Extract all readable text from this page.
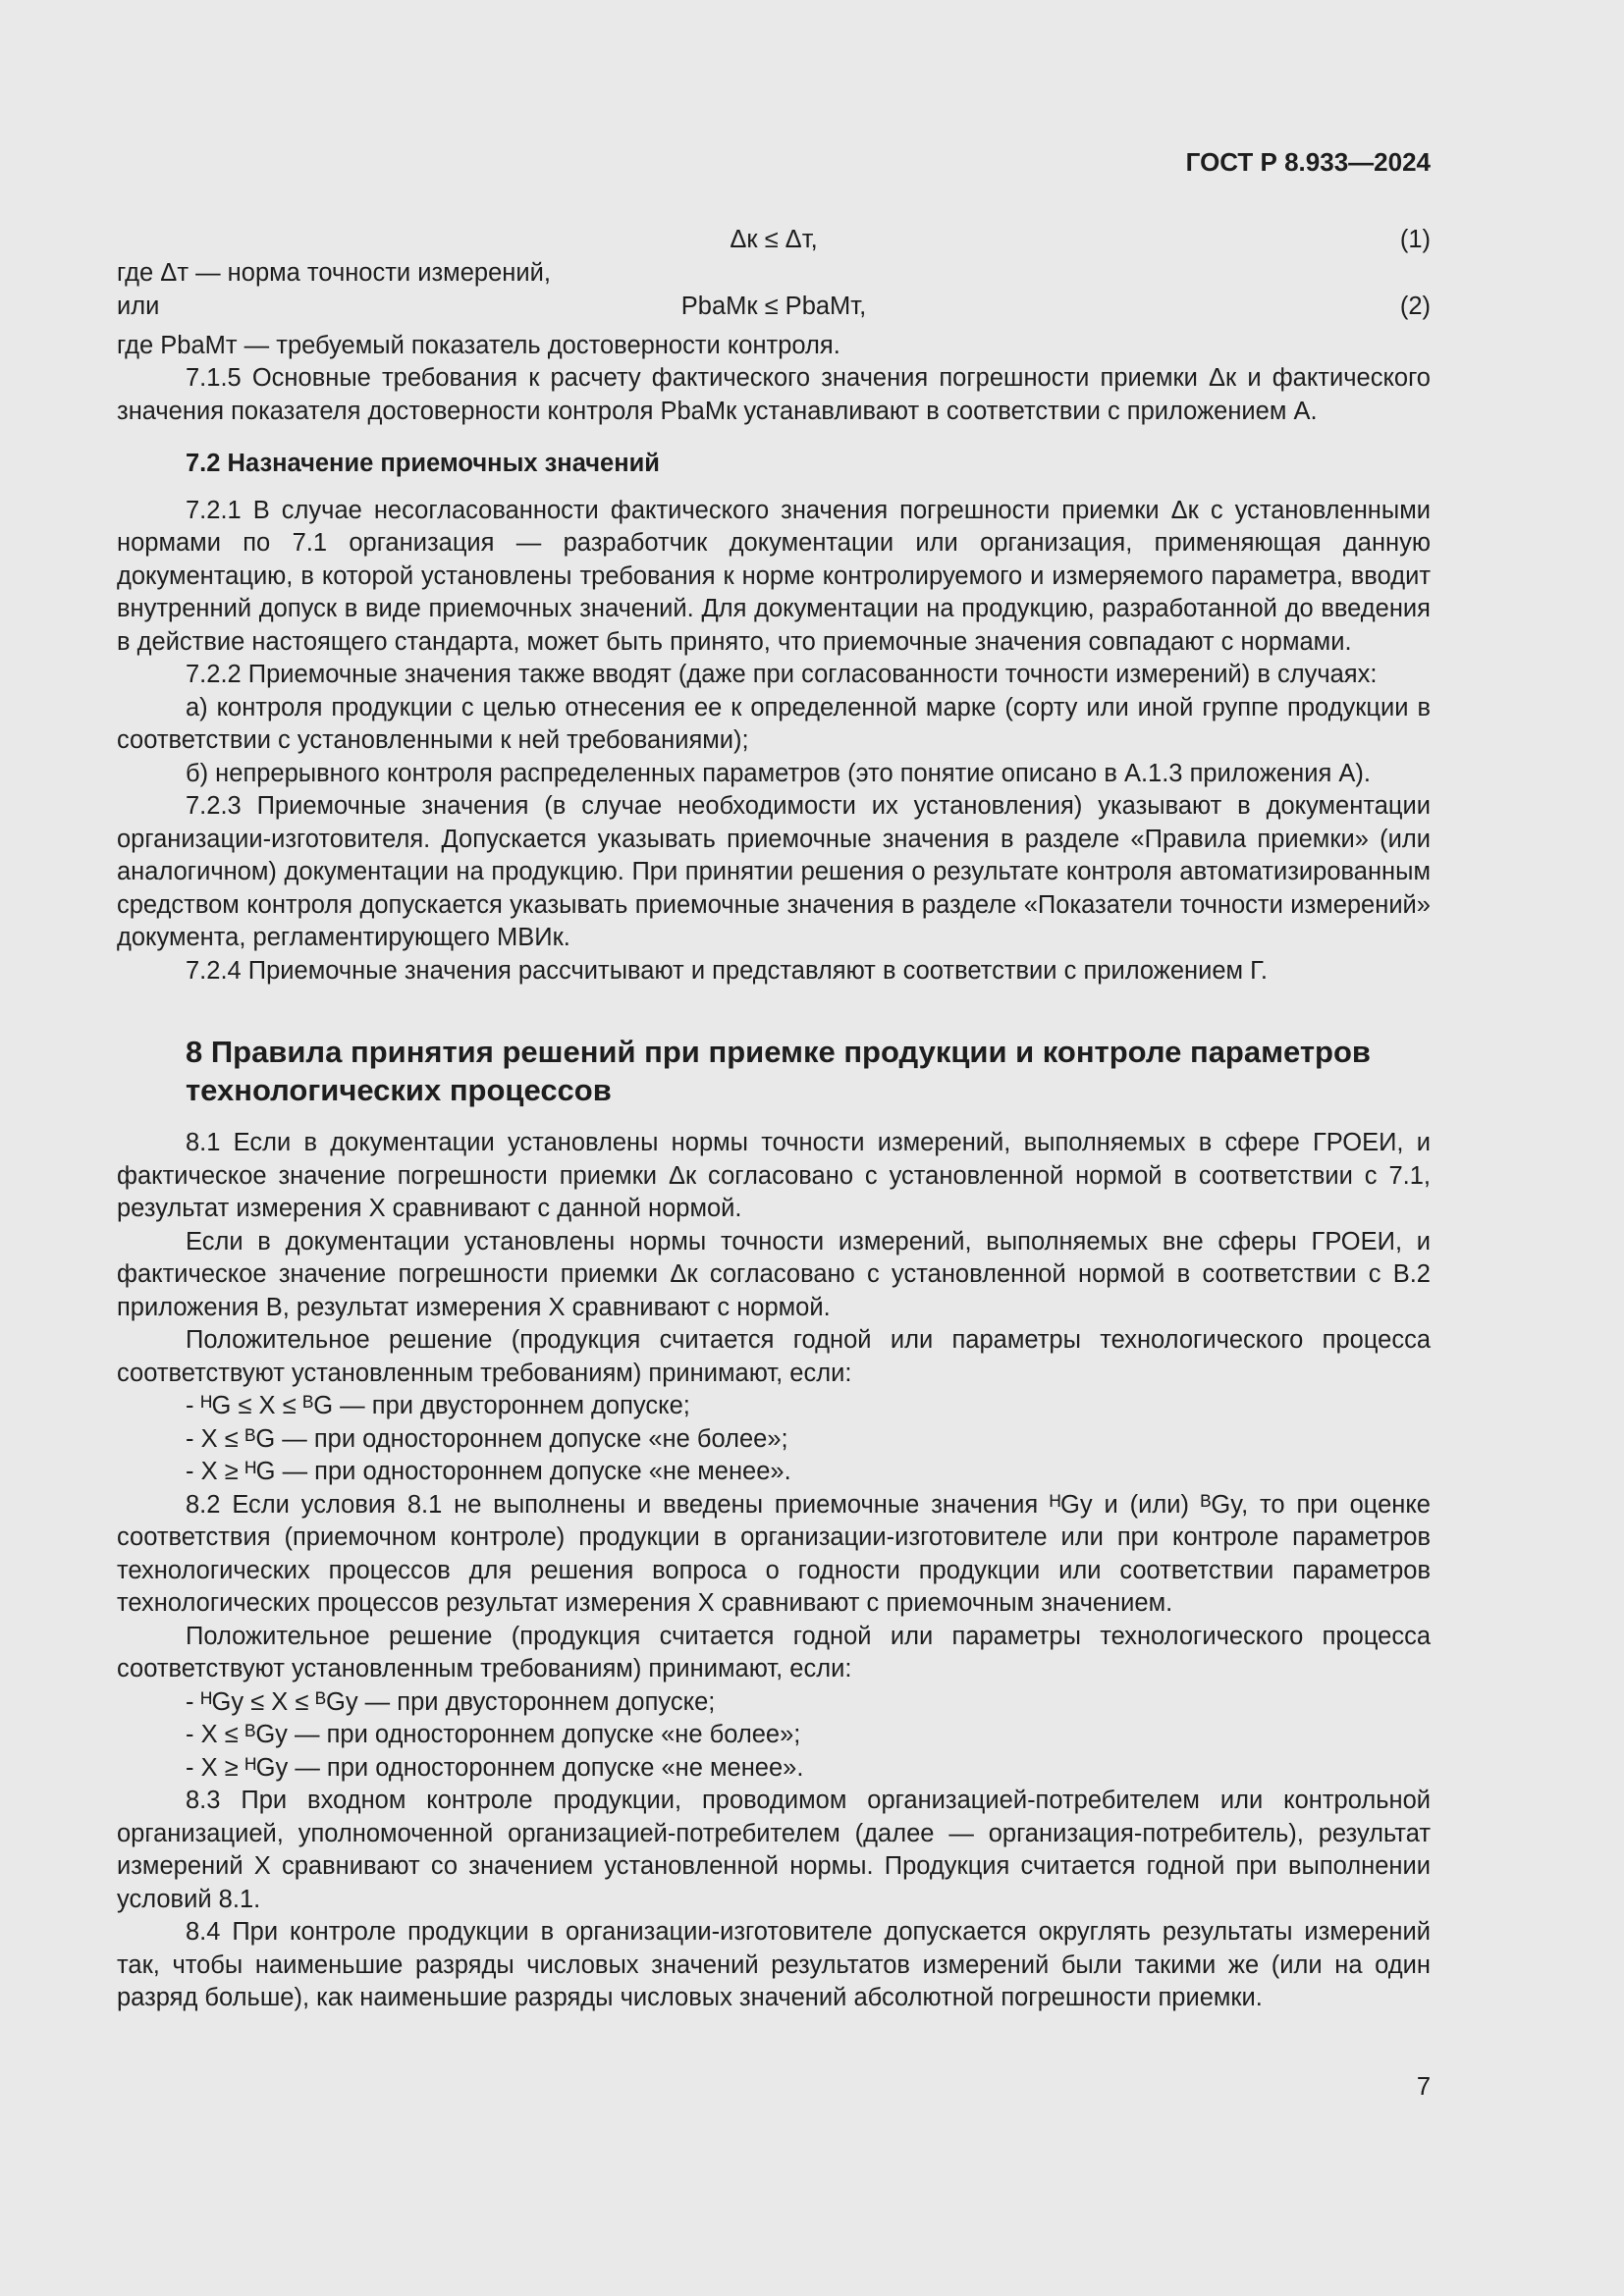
ГОСТ Р 8.933—2024
Δк ≤ Δт,	(1)

где Δт — норма точности измерений,

или	PbaMк ≤ PbaMт,	(2)

где PbaMт — требуемый показатель достоверности контроля.

7.1.5 Основные требования к расчету фактического значения погрешности приемки Δк и фактического значения показателя достоверности контроля PbaMк устанавливают в соответствии с приложением А.

7.2 Назначение приемочных значений

7.2.1 В случае несогласованности фактического значения погрешности приемки Δк с установленными нормами по 7.1 организация — разработчик документации или организация, применяющая данную документацию, в которой установлены требования к норме контролируемого и измеряемого параметра, вводит внутренний допуск в виде приемочных значений. Для документации на продукцию, разработанной до введения в действие настоящего стандарта, может быть принято, что приемочные значения совпадают с нормами.

7.2.2 Приемочные значения также вводят (даже при согласованности точности измерений) в случаях:

а) контроля продукции с целью отнесения ее к определенной марке (сорту или иной группе продукции в соответствии с установленными к ней требованиями);

б) непрерывного контроля распределенных параметров (это понятие описано в А.1.3 приложения А).

7.2.3 Приемочные значения (в случае необходимости их установления) указывают в документации организации-изготовителя. Допускается указывать приемочные значения в разделе «Правила приемки» (или аналогичном) документации на продукцию. При принятии решения о результате контроля автоматизированным средством контроля допускается указывать приемочные значения в разделе «Показатели точности измерений» документа, регламентирующего МВИк.

7.2.4 Приемочные значения рассчитывают и представляют в соответствии с приложением Г.

8 Правила принятия решений при приемке продукции и контроле параметров технологических процессов

8.1 Если в документации установлены нормы точности измерений, выполняемых в сфере ГРОЕИ, и фактическое значение погрешности приемки Δк согласовано с установленной нормой в соответствии с 7.1, результат измерения X сравнивают с данной нормой.

Если в документации установлены нормы точности измерений, выполняемых вне сферы ГРОЕИ, и фактическое значение погрешности приемки Δк согласовано с установленной нормой в соответствии с В.2 приложения В, результат измерения X сравнивают с нормой.

Положительное решение (продукция считается годной или параметры технологического процесса соответствуют установленным требованиям) принимают, если:

- ᴴG ≤ X ≤ ᴮG — при двустороннем допуске;

- X ≤ ᴮG — при одностороннем допуске «не более»;

- X ≥ ᴴG — при одностороннем допуске «не менее».

8.2 Если условия 8.1 не выполнены и введены приемочные значения ᴴGy и (или) ᴮGy, то при оценке соответствия (приемочном контроле) продукции в организации-изготовителе или при контроле параметров технологических процессов для решения вопроса о годности продукции или соответствии параметров технологических процессов результат измерения X сравнивают с приемочным значением.

Положительное решение (продукция считается годной или параметры технологического процесса соответствуют установленным требованиям) принимают, если:

- ᴴGy ≤ X ≤ ᴮGy — при двустороннем допуске;

- X ≤ ᴮGy — при одностороннем допуске «не более»;

- X ≥ ᴴGy — при одностороннем допуске «не менее».

8.3 При входном контроле продукции, проводимом организацией-потребителем или контрольной организацией, уполномоченной организацией-потребителем (далее — организация-потребитель), результат измерений X сравнивают со значением установленной нормы. Продукция считается годной при выполнении условий 8.1.

8.4 При контроле продукции в организации-изготовителе допускается округлять результаты измерений так, чтобы наименьшие разряды числовых значений результатов измерений были такими же (или на один разряд больше), как наименьшие разряды числовых значений абсолютной погрешности приемки.

7
